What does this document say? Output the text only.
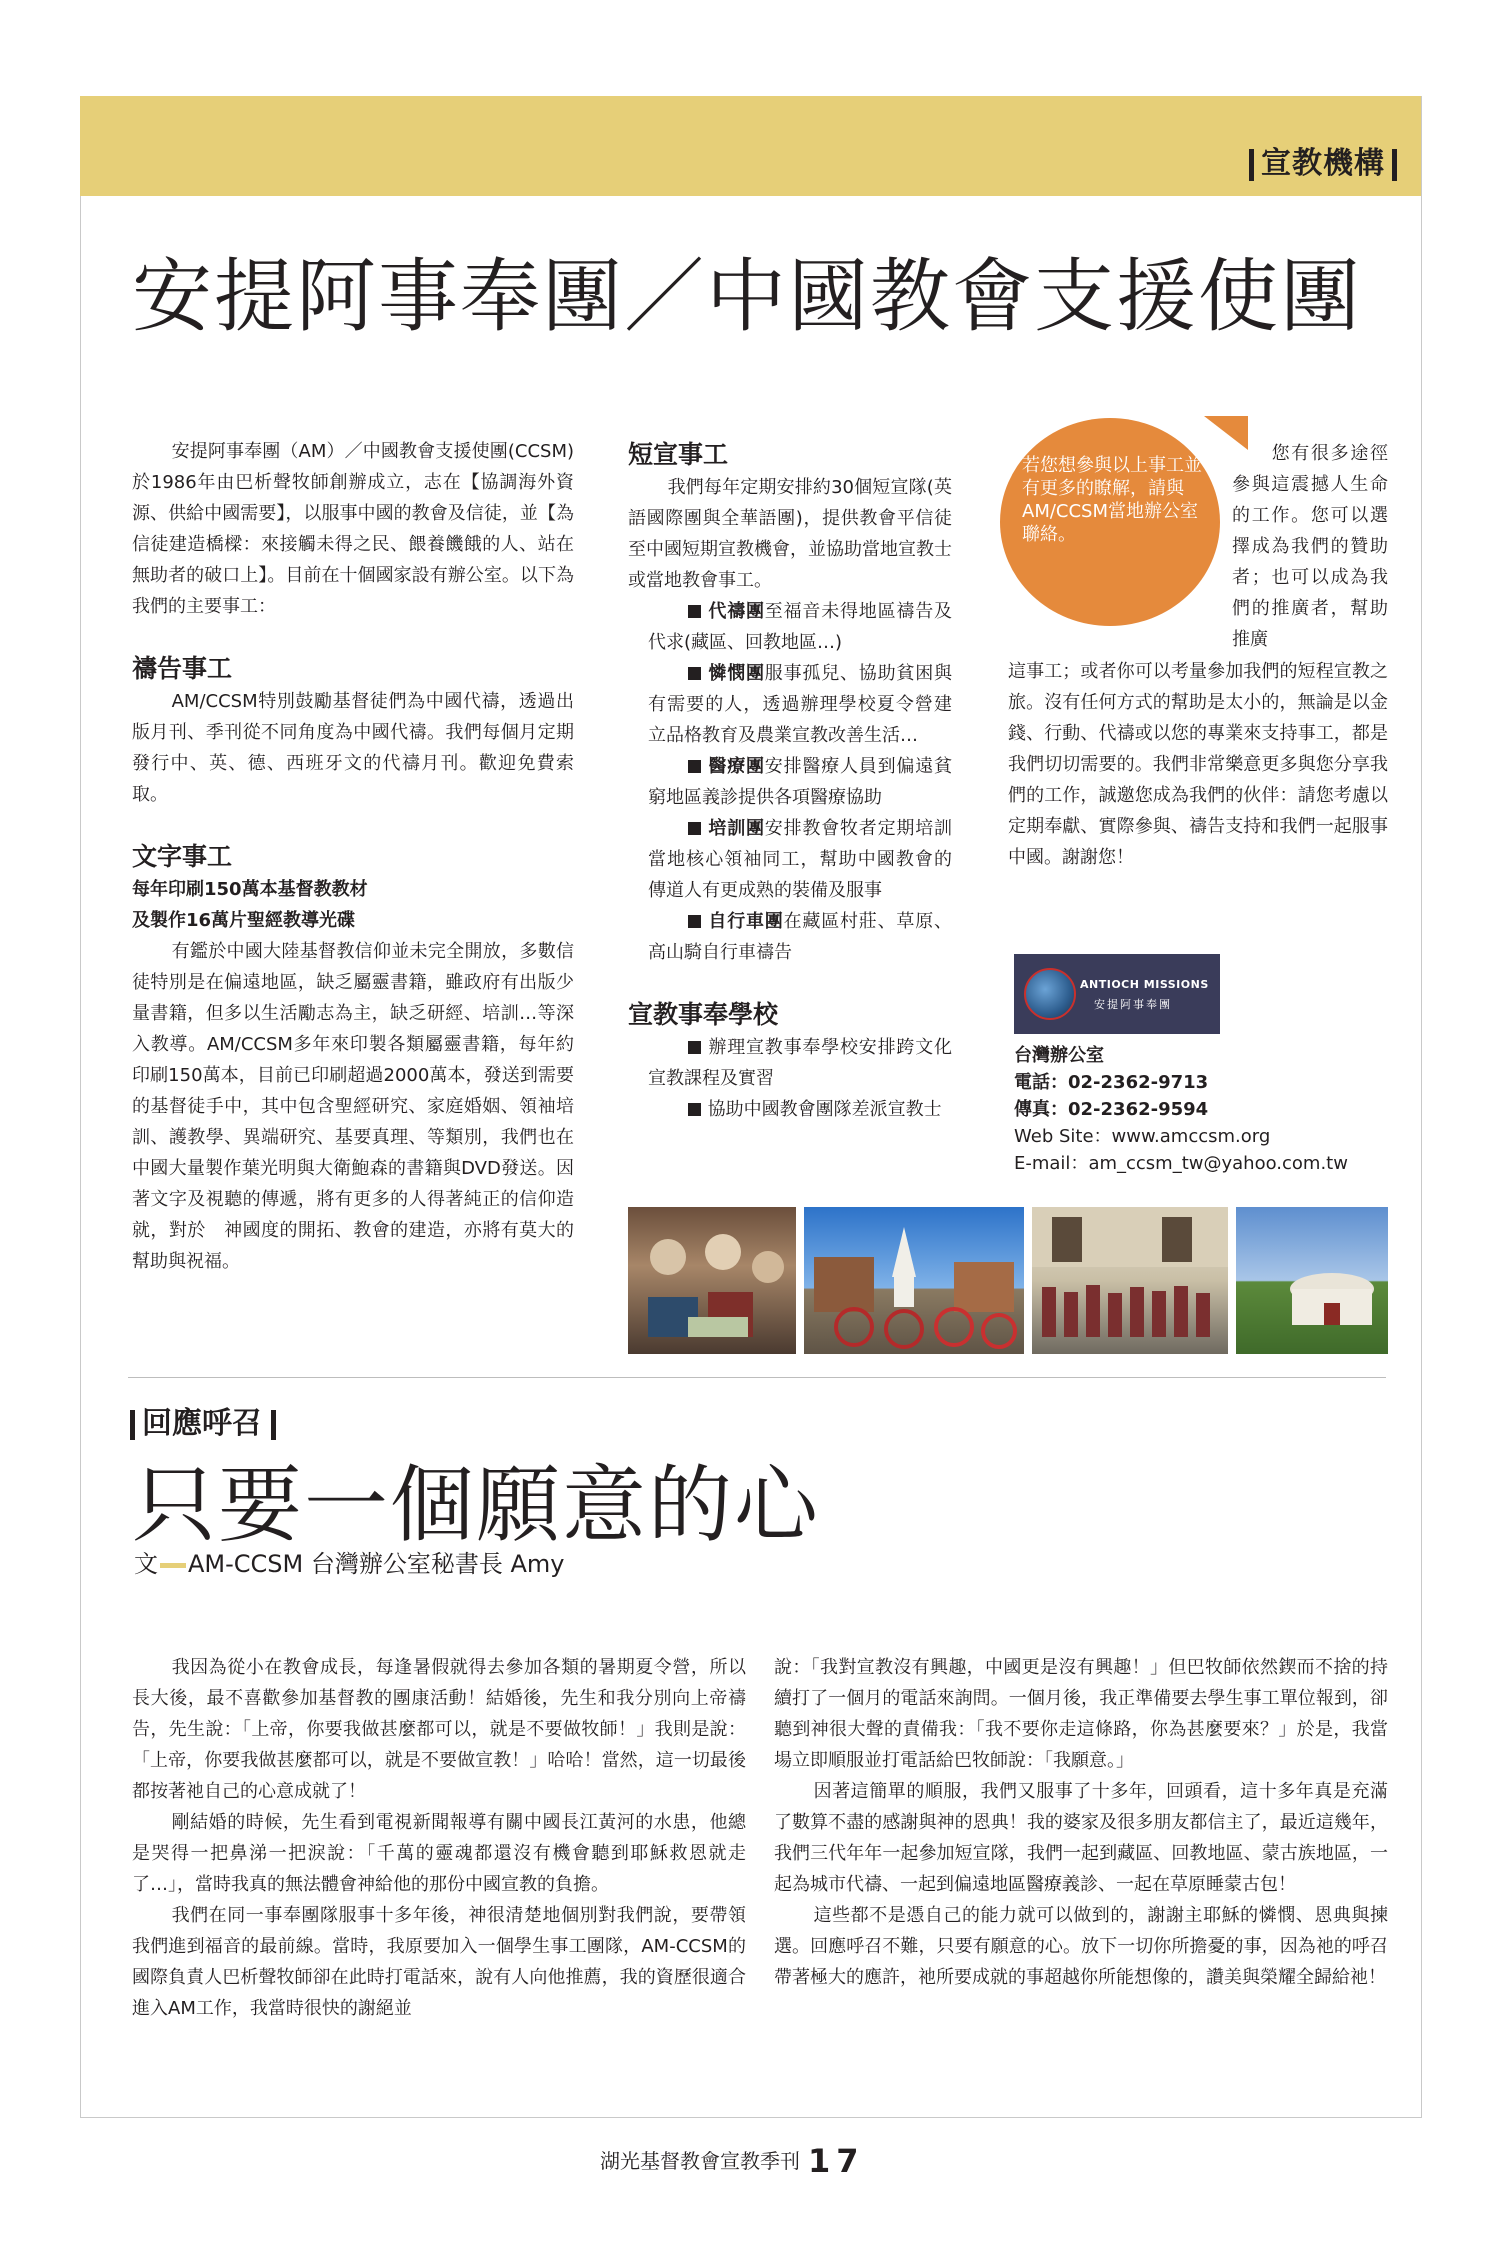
宣教機構
安提阿事奉團／中國教會支援使團

安提阿事奉團（AM）／中國教會支援使團(CCSM)於1986年由巴析聲牧師創辦成立，志在【協調海外資源、供給中國需要】，以服事中國的教會及信徒，並【為信徒建造橋樑：來接觸未得之民、餵養饑餓的人、站在無助者的破口上】。目前在十個國家設有辦公室。以下為我們的主要事工：

禱告事工

AM/CCSM特別鼓勵基督徒們為中國代禱，透過出版月刊、季刊從不同角度為中國代禱。我們每個月定期發行中、英、德、西班牙文的代禱月刊。歡迎免費索取。

文字事工

每年印刷150萬本基督教教材

及製作16萬片聖經教導光碟

有鑑於中國大陸基督教信仰並未完全開放，多數信徒特別是在偏遠地區，缺乏屬靈書籍，雖政府有出版少量書籍，但多以生活勵志為主，缺乏研經、培訓…等深入教導。AM/CCSM多年來印製各類屬靈書籍，每年約印刷150萬本，目前已印刷超過2000萬本，發送到需要的基督徒手中，其中包含聖經研究、家庭婚姻、領袖培訓、護教學、異端研究、基要真理、等類別，我們也在中國大量製作葉光明與大衛鮑森的書籍與DVD發送。因著文字及視聽的傳遞，將有更多的人得著純正的信仰造就，對於　神國度的開拓、教會的建造，亦將有莫大的幫助與祝福。

短宣事工

我們每年定期安排約30個短宣隊(英語國際團與全華語團)，提供教會平信徒至中國短期宣教機會，並協助當地宣教士或當地教會事工。

代禱團至福音未得地區禱告及代求(藏區、回教地區…)

憐憫團服事孤兒、協助貧困與有需要的人，透過辦理學校夏令營建立品格教育及農業宣教改善生活…

醫療團安排醫療人員到偏遠貧窮地區義診提供各項醫療協助

培訓團安排教會牧者定期培訓當地核心領袖同工，幫助中國教會的傳道人有更成熟的裝備及服事

自行車團在藏區村莊、草原、高山騎自行車禱告

宣教事奉學校

辦理宣教事奉學校安排跨文化宣教課程及實習

協助中國教會團隊差派宣教士

若您想參與以上事工並有更多的瞭解，請與AM/CCSM當地辦公室聯絡。

您有很多途徑參與這震撼人生命的工作。您可以選擇成為我們的贊助者；也可以成為我們的推廣者，幫助推廣

這事工；或者你可以考量參加我們的短程宣教之旅。沒有任何方式的幫助是太小的，無論是以金錢、行動、代禱或以您的專業來支持事工，都是我們切切需要的。我們非常樂意更多與您分享我們的工作，誠邀您成為我們的伙伴：請您考慮以定期奉獻、實際參與、禱告支持和我們一起服事中國。謝謝您！

ANTIOCH MISSIONS
安提阿事奉團
台灣辦公室
電話：02-2362-9713
傳真：02-2362-9594
Web Site：www.amccsm.org
E-mail：am_ccsm_tw@yahoo.com.tw
回應呼召
只要一個願意的心
文 AM-CCSM 台灣辦公室秘書長 Amy

我因為從小在教會成長，每逢暑假就得去參加各類的暑期夏令營，所以長大後，最不喜歡參加基督教的團康活動！結婚後，先生和我分別向上帝禱告，先生說：「上帝，你要我做甚麼都可以，就是不要做牧師！」我則是說：「上帝，你要我做甚麼都可以，就是不要做宣教！」哈哈！當然，這一切最後都按著祂自己的心意成就了！

剛結婚的時候，先生看到電視新聞報導有關中國長江黃河的水患，他總是哭得一把鼻涕一把淚說：「千萬的靈魂都還沒有機會聽到耶穌救恩就走了…」，當時我真的無法體會神給他的那份中國宣教的負擔。

我們在同一事奉團隊服事十多年後，神很清楚地個別對我們說，要帶領我們進到福音的最前線。當時，我原要加入一個學生事工團隊，AM-CCSM的國際負責人巴析聲牧師卻在此時打電話來，說有人向他推薦，我的資歷很適合進入AM工作，我當時很快的謝絕並

說：「我對宣教沒有興趣，中國更是沒有興趣！」但巴牧師依然鍥而不捨的持續打了一個月的電話來詢問。一個月後，我正準備要去學生事工單位報到，卻聽到神很大聲的責備我：「我不要你走這條路，你為甚麼要來？」於是，我當場立即順服並打電話給巴牧師說：「我願意。」

因著這簡單的順服，我們又服事了十多年，回頭看，這十多年真是充滿了數算不盡的感謝與神的恩典！我的婆家及很多朋友都信主了，最近這幾年，我們三代年年一起參加短宣隊，我們一起到藏區、回教地區、蒙古族地區，一起為城市代禱、一起到偏遠地區醫療義診、一起在草原睡蒙古包！

這些都不是憑自己的能力就可以做到的，謝謝主耶穌的憐憫、恩典與揀選。回應呼召不難，只要有願意的心。放下一切你所擔憂的事，因為祂的呼召帶著極大的應許，祂所要成就的事超越你所能想像的，讚美與榮耀全歸給祂！

湖光基督教會宣教季刊 17
